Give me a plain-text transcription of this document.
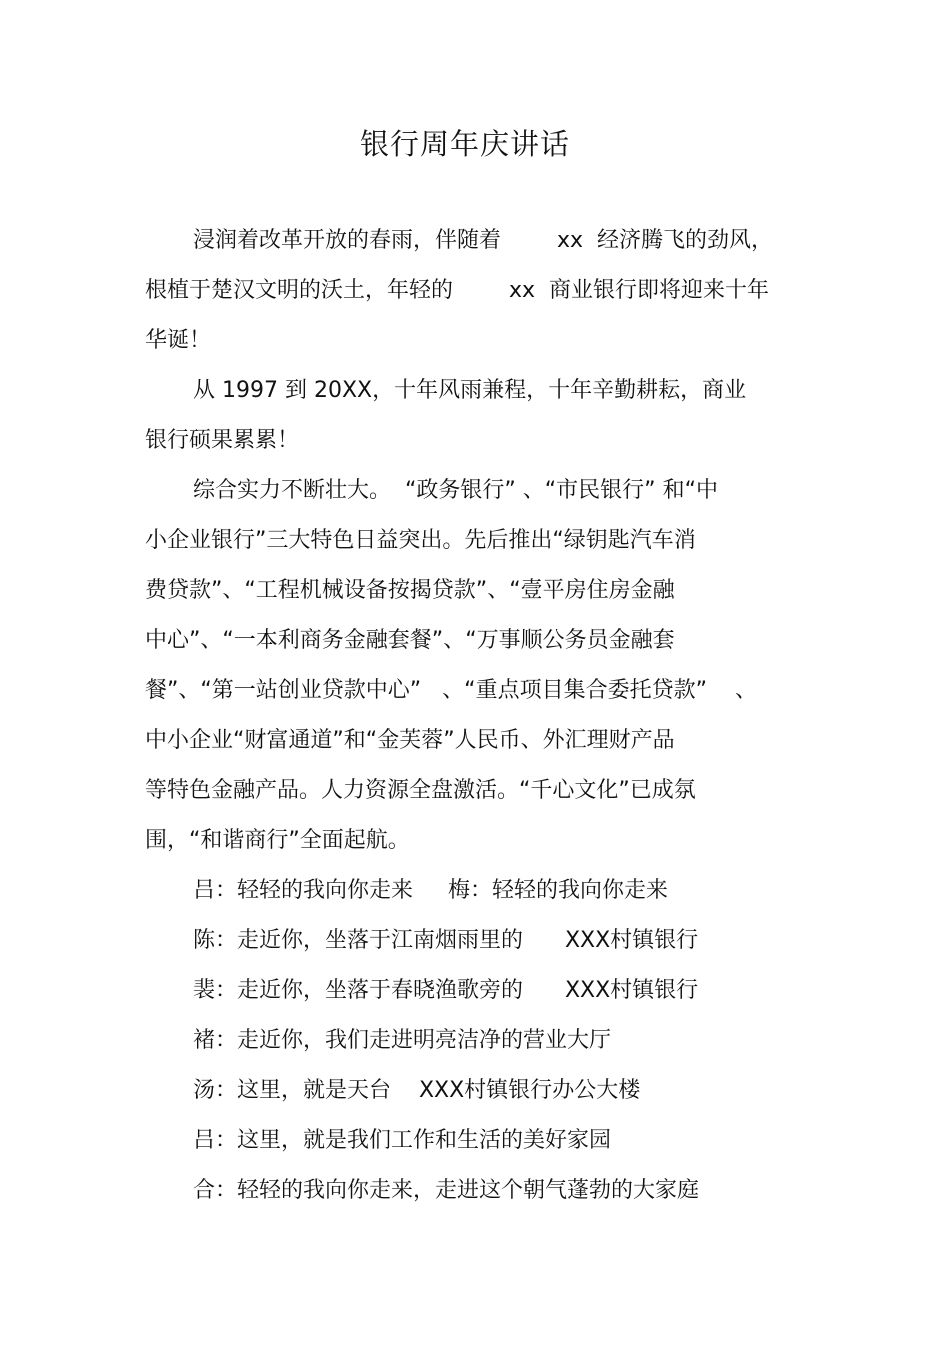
银行周年庆讲话
浸润着改革开放的春雨，伴随着        xx  经济腾飞的劲风，
根植于楚汉文明的沃土，年轻的        xx  商业银行即将迎来十年
华诞！
从 1997 到 20XX，十年风雨兼程，十年辛勤耕耘，商业
银行硕果累累！
综合实力不断壮大。  “政务银行” 、“市民银行” 和“中
小企业银行”三大特色日益突出。先后推出“绿钥匙汽车消
费贷款”、“工程机械设备按揭贷款”、“壹平房住房金融
中心”、“一本利商务金融套餐”、“万事顺公务员金融套
餐”、“第一站创业贷款中心”   、“重点项目集合委托贷款”    、
中小企业“财富通道”和“金芙蓉”人民币、外汇理财产品
等特色金融产品。人力资源全盘激活。“千心文化”已成氛
围，“和谐商行”全面起航。
吕：轻轻的我向你走来     梅：轻轻的我向你走来
陈：走近你，坐落于江南烟雨里的      XXX村镇银行
裴：走近你，坐落于春晓渔歌旁的      XXX村镇银行
褚：走近你，我们走进明亮洁净的营业大厅
汤：这里，就是天台    XXX村镇银行办公大楼
吕：这里，就是我们工作和生活的美好家园
合：轻轻的我向你走来，走进这个朝气蓬勃的大家庭
